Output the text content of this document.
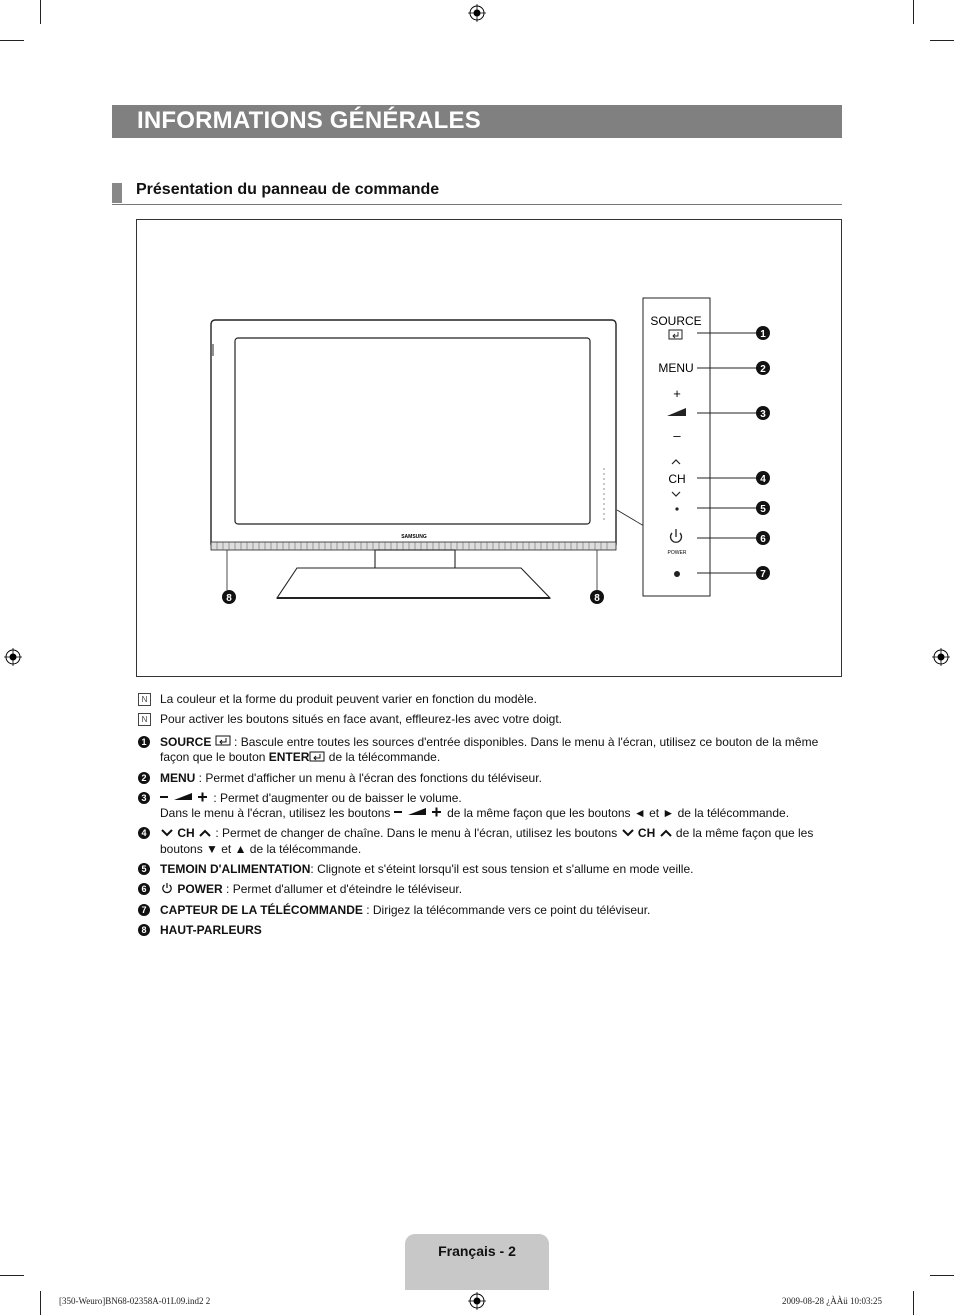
INFORMATIONS GÉNÉRALES
Présentation du panneau de commande
SAMSUNG
SOURCE
MENU
+
–
CH
POWER
1
2
3
4
5
6
7
8	8
N	La couleur et la forme du produit peuvent varier en fonction du modèle.
N	Pour activer les boutons situés en face avant, effleurez-les avec votre doigt.
1 SOURCE  : Bascule entre toutes les sources d'entrée disponibles. Dans le menu à l'écran, utilisez ce bouton de la même façon que le bouton ENTER de la télécommande.
2 MENU : Permet d'afficher un menu à l'écran des fonctions du téléviseur.
3	: Permet d'augmenter ou de baisser le volume.
Dans le menu à l'écran, utilisez les boutons	de la même façon que les boutons ◄ et ► de la télécommande.
4	CH  : Permet de changer de chaîne. Dans le menu à l'écran, utilisez les boutons  CH  de la même façon que les boutons ▼ et ▲ de la télécommande.
5 TEMOIN D'ALIMENTATION: Clignote et s'éteint lorsqu'il est sous tension et s'allume en mode veille.
6	POWER : Permet d'allumer et d'éteindre le téléviseur.
7 CAPTEUR DE LA TÉLÉCOMMANDE : Dirigez la télécommande vers ce point du téléviseur.
8 HAUT-PARLEURS
Français - 2
[350-Weuro]BN68-02358A-01L09.ind2 2	2009-08-28 ¿ÀÀü 10:03:25
